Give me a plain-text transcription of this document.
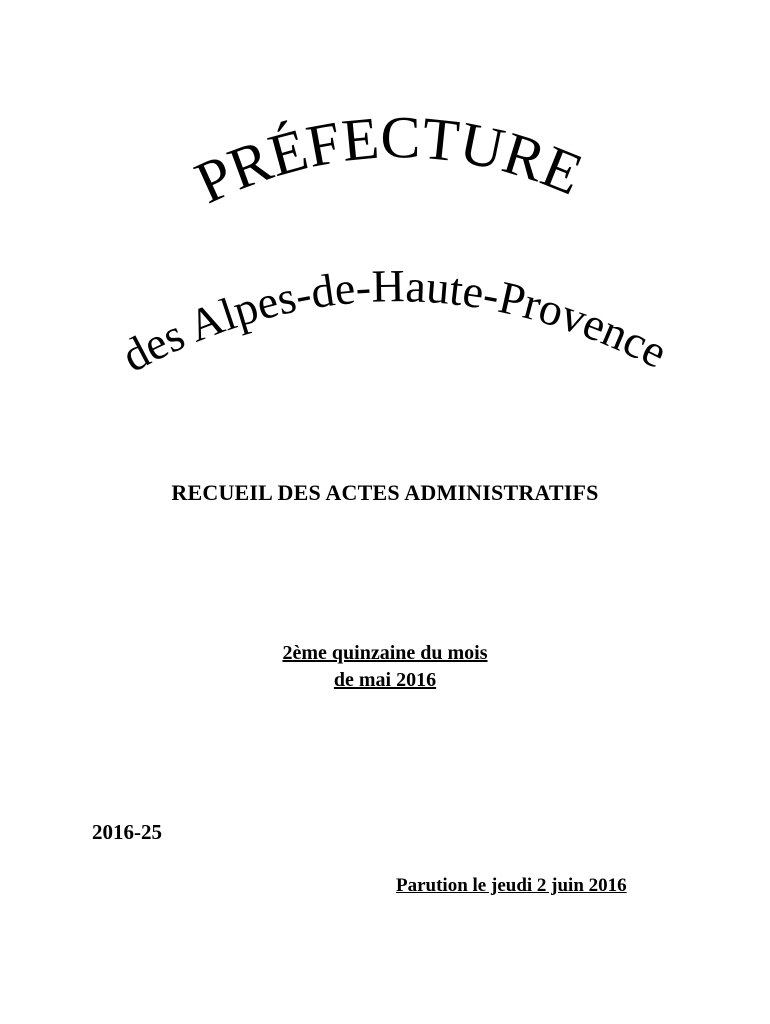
PRÉFECTURE
des Alpes-de-Haute-Provence
RECUEIL DES ACTES ADMINISTRATIFS
2ème quinzaine du mois
de mai 2016
2016-25
Parution le jeudi 2 juin 2016
